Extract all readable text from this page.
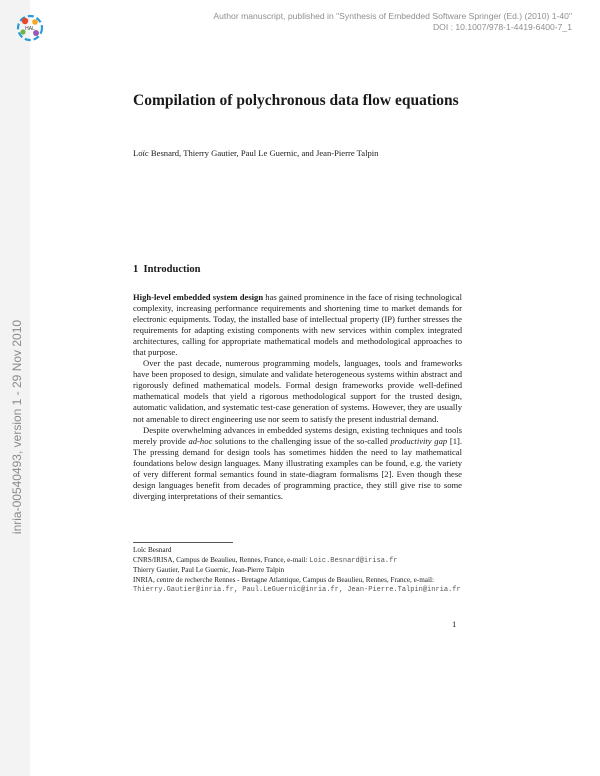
inria-00540493, version 1 - 29 Nov 2010
HAL
Author manuscript, published in "Synthesis of Embedded Software Springer (Ed.) (2010) 1-40"
DOI : 10.1007/978-1-4419-6400-7_1
Compilation of polychronous data flow equations
Loïc Besnard, Thierry Gautier, Paul Le Guernic, and Jean-Pierre Talpin
1 Introduction

High-level embedded system design has gained prominence in the face of rising technological complexity, increasing performance requirements and shortening time to market demands for electronic equipments. Today, the installed base of intellectual property (IP) further stresses the requirements for adapting existing components with new services within complex integrated architectures, calling for appropriate mathematical models and methodological approaches to that purpose.

Over the past decade, numerous programming models, languages, tools and frameworks have been proposed to design, simulate and validate heterogeneous systems within abstract and rigorously defined mathematical models. Formal design frameworks provide well-defined mathematical models that yield a rigorous methodological support for the trusted design, automatic validation, and systematic test-case generation of systems. However, they are usually not amenable to direct engineering use nor seem to satisfy the present industrial demand.

Despite overwhelming advances in embedded systems design, existing techniques and tools merely provide ad-hoc solutions to the challenging issue of the so-called productivity gap [1]. The pressing demand for design tools has sometimes hidden the need to lay mathematical foundations below design languages. Many illustrating examples can be found, e.g. the variety of very different formal semantics found in state-diagram formalisms [2]. Even though these design languages benefit from decades of programming practice, they still give rise to some diverging interpretations of their semantics.

Loïc Besnard

CNRS/IRISA, Campus de Beaulieu, Rennes, France, e-mail: Loic.Besnard@irisa.fr

Thierry Gautier, Paul Le Guernic, Jean-Pierre Talpin

INRIA, centre de recherche Rennes - Bretagne Atlantique, Campus de Beaulieu, Rennes, France, e-mail: Thierry.Gautier@inria.fr, Paul.LeGuernic@inria.fr, Jean-Pierre.Talpin@inria.fr

1
